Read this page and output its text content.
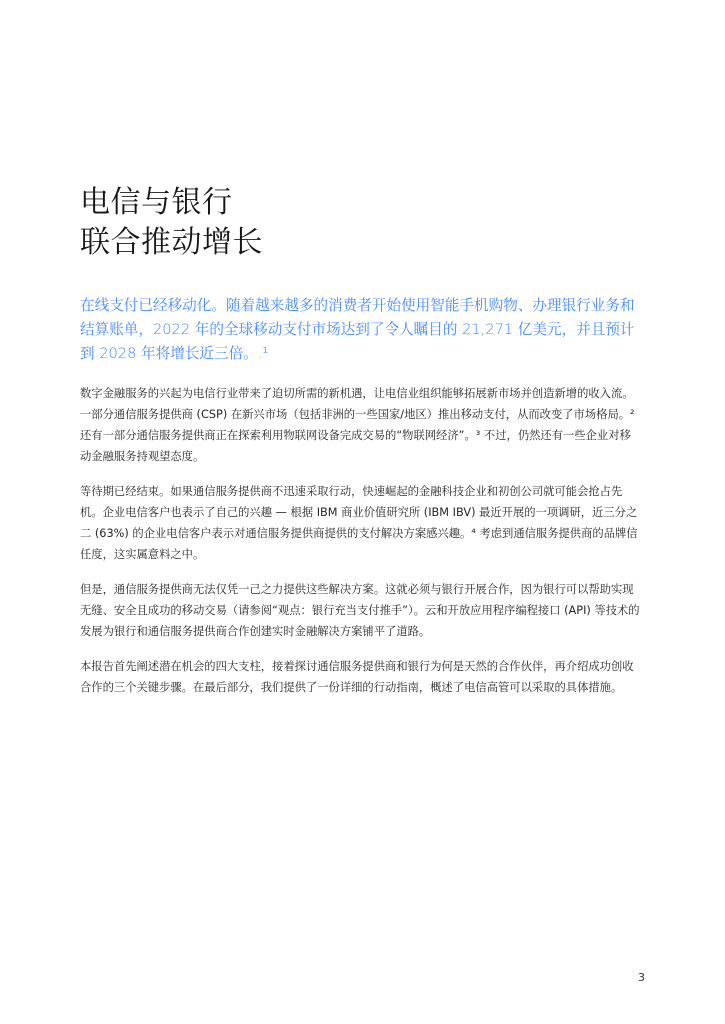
电信与银行
联合推动增长

在线支付已经移动化。随着越来越多的消费者开始使用智能手机购物、办理银行业务和结算账单，2022 年的全球移动支付市场达到了令人瞩目的 21,271 亿美元，并且预计到 2028 年将增长近三倍。.¹

数字金融服务的兴起为电信行业带来了迫切所需的新机遇，让电信业组织能够拓展新市场并创造新增的收入流。一部分通信服务提供商 (CSP) 在新兴市场（包括非洲的一些国家/地区）推出移动支付，从而改变了市场格局。² 还有一部分通信服务提供商正在探索利用物联网设备完成交易的“物联网经济”。³ 不过，仍然还有一些企业对移动金融服务持观望态度。

等待期已经结束。如果通信服务提供商不迅速采取行动，快速崛起的金融科技企业和初创公司就可能会抢占先机。企业电信客户也表示了自己的兴趣 — 根据 IBM 商业价值研究所 (IBM IBV) 最近开展的一项调研，近三分之二 (63%) 的企业电信客户表示对通信服务提供商提供的支付解决方案感兴趣。⁴ 考虑到通信服务提供商的品牌信任度，这实属意料之中。

但是，通信服务提供商无法仅凭一己之力提供这些解决方案。这就必须与银行开展合作，因为银行可以帮助实现无缝、安全且成功的移动交易（请参阅“观点：银行充当支付推手”）。云和开放应用程序编程接口 (API) 等技术的发展为银行和通信服务提供商合作创建实时金融解决方案铺平了道路。

本报告首先阐述潜在机会的四大支柱，接着探讨通信服务提供商和银行为何是天然的合作伙伴，再介绍成功创收合作的三个关键步骤。在最后部分，我们提供了一份详细的行动指南，概述了电信高管可以采取的具体措施。

3
